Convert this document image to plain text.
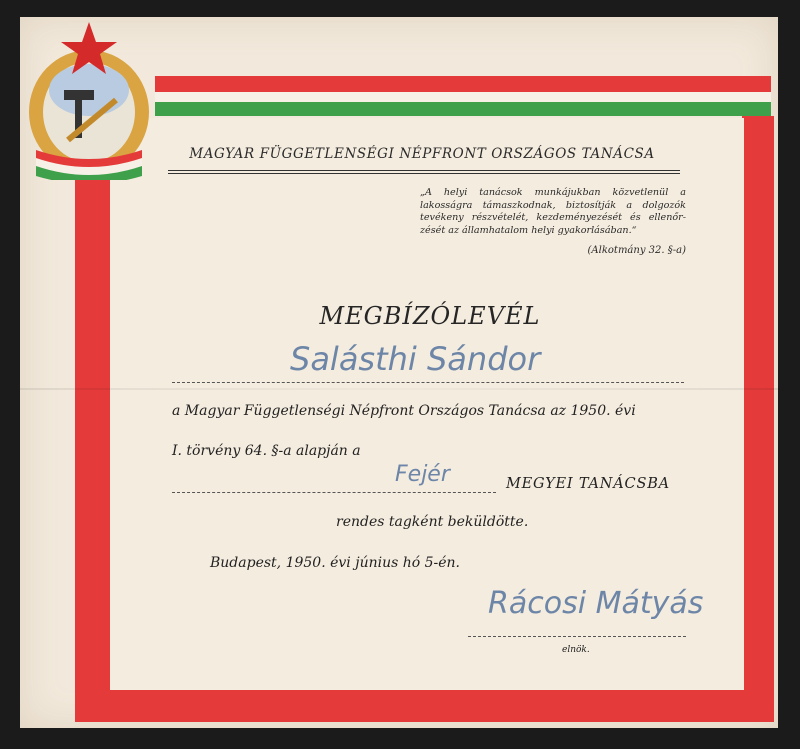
MAGYAR FÜGGETLENSÉGI NÉPFRONT ORSZÁGOS TANÁCSA
„A helyi tanácsok munkájukban közvetlenül a lakosságra támaszkodnak, biztosítják a dolgozók tevékeny részvételét, kezdeményezését és ellenőr-zését az államhatalom helyi gyakorlásában.“
(Alkotmány 32. §-a)
MEGBÍZÓLEVÉL
Salásthi Sándor
a Magyar Függetlenségi Népfront Országos Tanácsa az 1950. évi
I. törvény 64. §-a alapján a
Fejér	MEGYEI TANÁCSBA
rendes tagként beküldötte.
Budapest, 1950. évi június hó 5-én.
Rácosi Mátyás
elnök.
